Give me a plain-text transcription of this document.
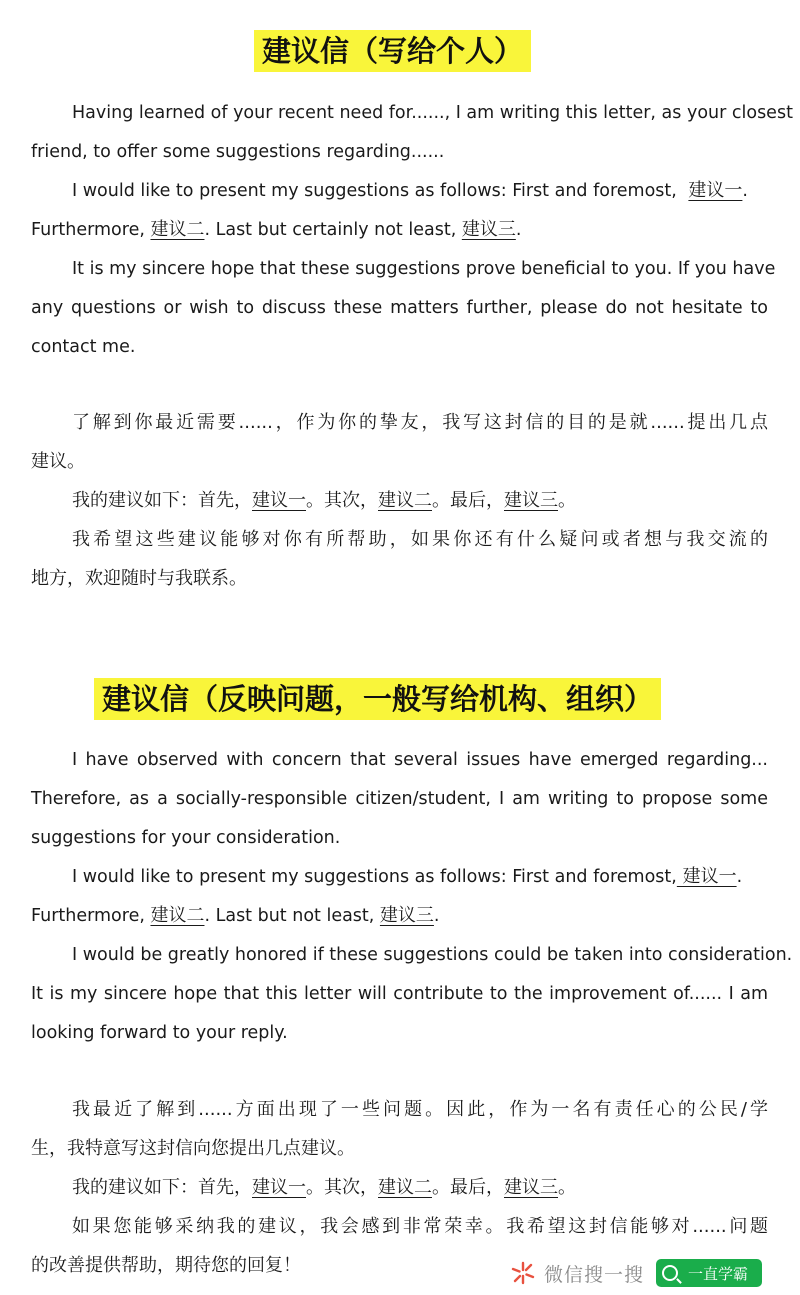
建议信（写给个人）
Having learned of your recent need for......, I am writing this letter, as your closest
friend, to offer some suggestions regarding......
I would like to present my suggestions as follows: First and foremost, 建议一.
Furthermore, 建议二. Last but certainly not least, 建议三.
It is my sincere hope that these suggestions prove beneficial to you. If you have
any questions or wish to discuss these matters further, please do not hesitate to
contact me.
了解到你最近需要......，作为你的挚友，我写这封信的目的是就......提出几点
建议。
我的建议如下：首先，建议一。其次，建议二。最后，建议三。
我希望这些建议能够对你有所帮助，如果你还有什么疑问或者想与我交流的
地方，欢迎随时与我联系。
建议信（反映问题，一般写给机构、组织）
I have observed with concern that several issues have emerged regarding...
Therefore, as a socially-responsible citizen/student, I am writing to propose some
suggestions for your consideration.
I would like to present my suggestions as follows: First and foremost, 建议一.
Furthermore, 建议二. Last but not least, 建议三.
I would be greatly honored if these suggestions could be taken into consideration.
It is my sincere hope that this letter will contribute to the improvement of...... I am
looking forward to your reply.
我最近了解到......方面出现了一些问题。因此，作为一名有责任心的公民/学
生，我特意写这封信向您提出几点建议。
我的建议如下：首先，建议一。其次，建议二。最后，建议三。
如果您能够采纳我的建议，我会感到非常荣幸。我希望这封信能够对......问题
的改善提供帮助，期待您的回复！	微信搜一搜	一直学霸
